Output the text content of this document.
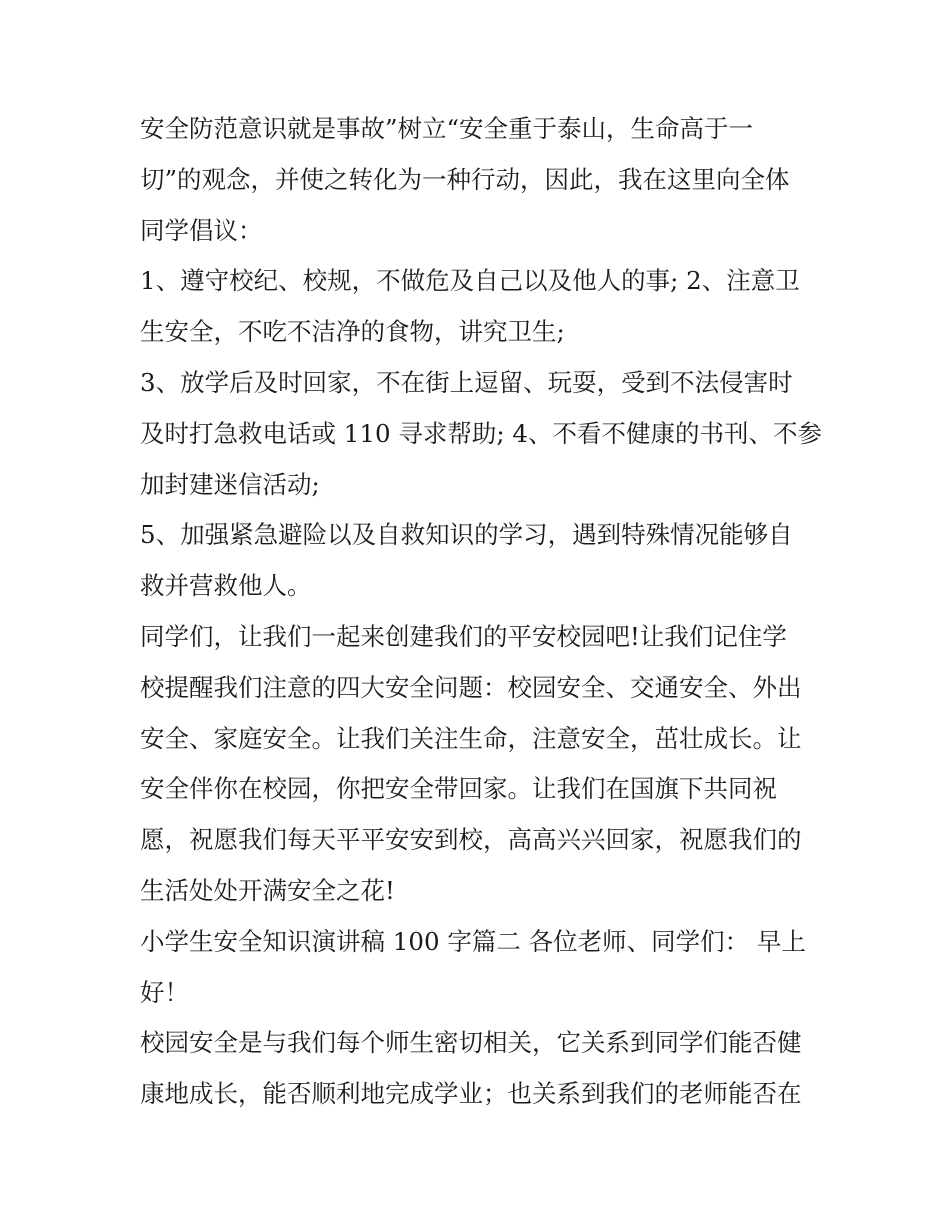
安全防范意识就是事故”树立“安全重于泰山，生命高于一
切”的观念，并使之转化为一种行动，因此，我在这里向全体
同学倡议：
1、遵守校纪、校规，不做危及自己以及他人的事; 2、注意卫
生安全，不吃不洁净的食物，讲究卫生;
3、放学后及时回家，不在街上逗留、玩耍，受到不法侵害时
及时打急救电话或 110 寻求帮助; 4、不看不健康的书刊、不参
加封建迷信活动;
5、加强紧急避险以及自救知识的学习，遇到特殊情况能够自
救并营救他人。
同学们，让我们一起来创建我们的平安校园吧!让我们记住学
校提醒我们注意的四大安全问题：校园安全、交通安全、外出
安全、家庭安全。让我们关注生命，注意安全，茁壮成长。让
安全伴你在校园，你把安全带回家。让我们在国旗下共同祝
愿，祝愿我们每天平平安安到校，高高兴兴回家，祝愿我们的
生活处处开满安全之花!
小学生安全知识演讲稿 100 字篇二 各位老师、同学们： 早上
好！
校园安全是与我们每个师生密切相关，它关系到同学们能否健
康地成长，能否顺利地完成学业；也关系到我们的老师能否在
